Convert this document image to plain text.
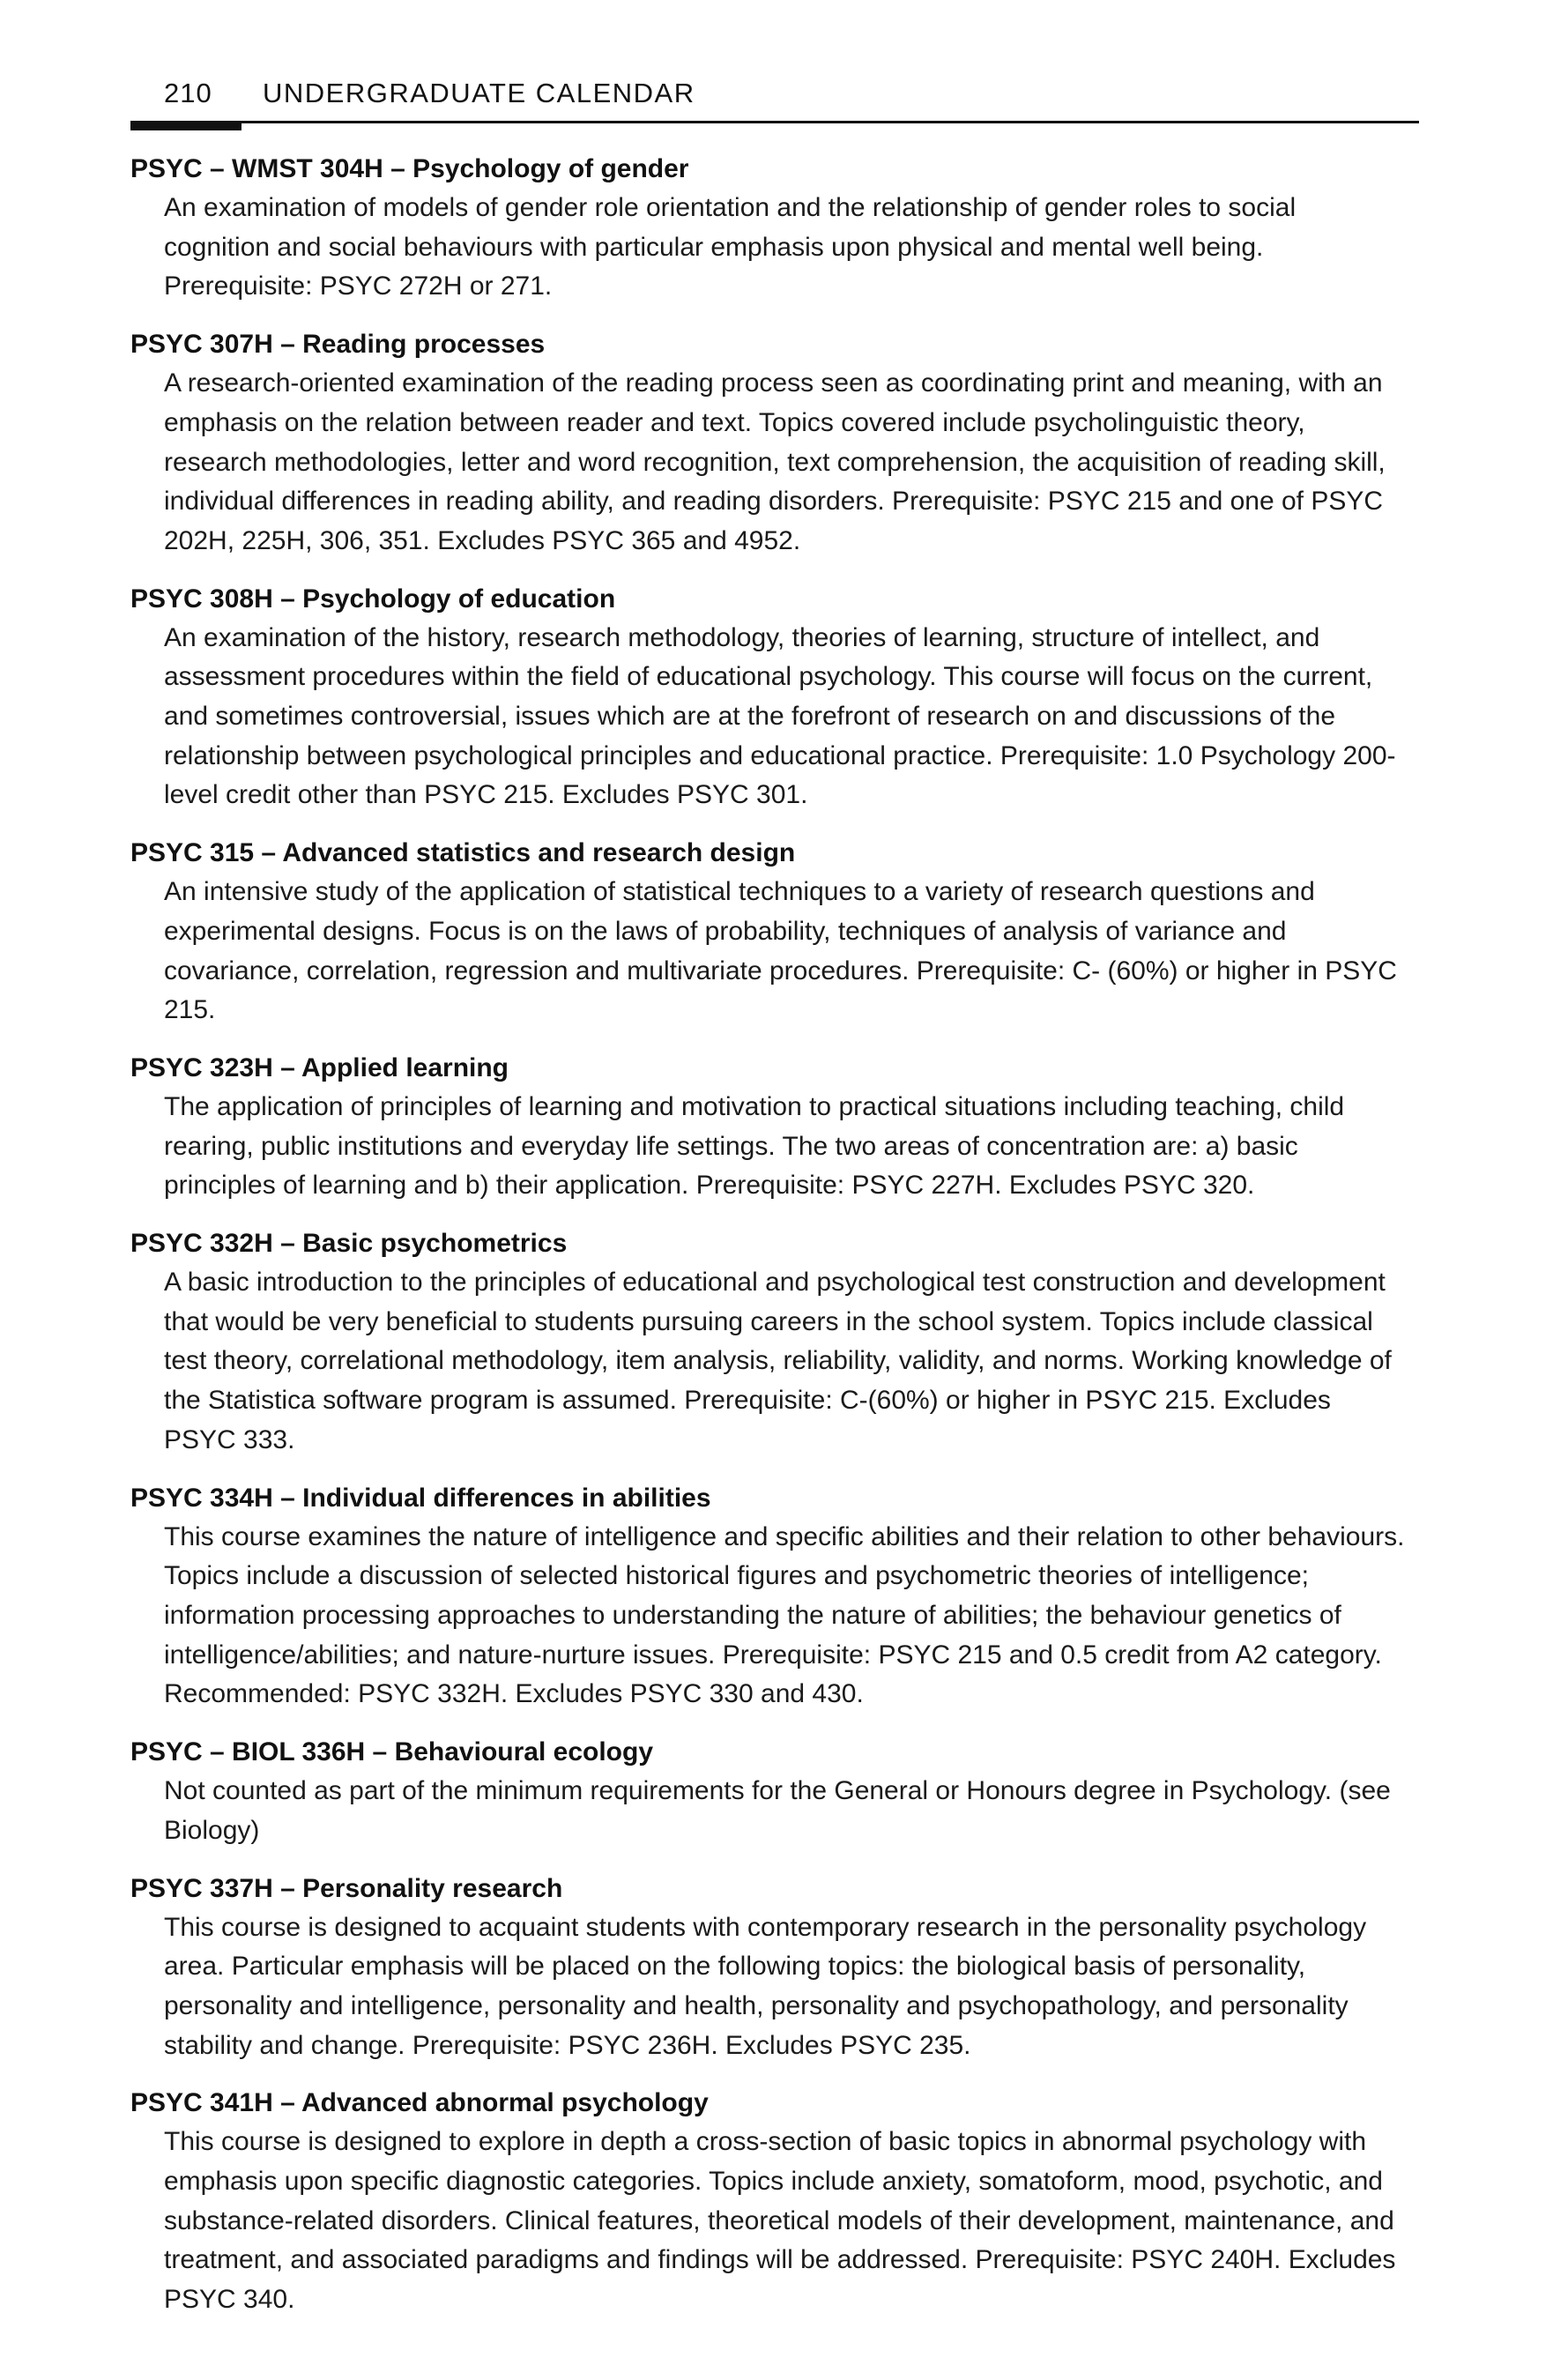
210	UNDERGRADUATE CALENDAR
PSYC – WMST 304H – Psychology of gender
An examination of models of gender role orientation and the relationship of gender roles to social cognition and social behaviours with particular emphasis upon physical and mental well being. Prerequisite: PSYC 272H or 271.
PSYC 307H – Reading processes
A research-oriented examination of the reading process seen as coordinating print and meaning, with an emphasis on the relation between reader and text. Topics covered include psycholinguistic theory, research methodologies, letter and word recognition, text comprehension, the acquisition of reading skill, individual differences in reading ability, and reading disorders. Prerequisite: PSYC 215 and one of PSYC 202H, 225H, 306, 351. Excludes PSYC 365 and 4952.
PSYC 308H – Psychology of education
An examination of the history, research methodology, theories of learning, structure of intellect, and assessment procedures within the field of educational psychology. This course will focus on the current, and sometimes controversial, issues which are at the forefront of research on and discussions of the relationship between psychological principles and educational practice. Prerequisite: 1.0 Psychology 200-level credit other than PSYC 215. Excludes PSYC 301.
PSYC 315 – Advanced statistics and research design
An intensive study of the application of statistical techniques to a variety of research questions and experimental designs. Focus is on the laws of probability, techniques of analysis of variance and covariance, correlation, regression and multivariate procedures. Prerequisite: C- (60%) or higher in PSYC 215.
PSYC 323H – Applied learning
The application of principles of learning and motivation to practical situations including teaching, child rearing, public institutions and everyday life settings. The two areas of concentration are: a) basic principles of learning and b) their application. Prerequisite: PSYC 227H. Excludes PSYC 320.
PSYC 332H – Basic psychometrics
A basic introduction to the principles of educational and psychological test construction and development that would be very beneficial to students pursuing careers in the school system. Topics include classical test theory, correlational methodology, item analysis, reliability, validity, and norms. Working knowledge of the Statistica software program is assumed. Prerequisite: C-(60%) or higher in PSYC 215. Excludes PSYC 333.
PSYC 334H – Individual differences in abilities
This course examines the nature of intelligence and specific abilities and their relation to other behaviours. Topics include a discussion of selected historical figures and psychometric theories of intelligence; information processing approaches to understanding the nature of abilities; the behaviour genetics of intelligence/abilities; and nature-nurture issues. Prerequisite: PSYC 215 and 0.5 credit from A2 category. Recommended: PSYC 332H. Excludes PSYC 330 and 430.
PSYC – BIOL 336H – Behavioural ecology
Not counted as part of the minimum requirements for the General or Honours degree in Psychology. (see Biology)
PSYC 337H – Personality research
This course is designed to acquaint students with contemporary research in the personality psychology area. Particular emphasis will be placed on the following topics: the biological basis of personality, personality and intelligence, personality and health, personality and psychopathology, and personality stability and change. Prerequisite: PSYC 236H. Excludes PSYC 235.
PSYC 341H – Advanced abnormal psychology
This course is designed to explore in depth a cross-section of basic topics in abnormal psychology with emphasis upon specific diagnostic categories. Topics include anxiety, somatoform, mood, psychotic, and substance-related disorders. Clinical features, theoretical models of their development, maintenance, and treatment, and associated paradigms and findings will be addressed. Prerequisite: PSYC 240H. Excludes PSYC 340.
